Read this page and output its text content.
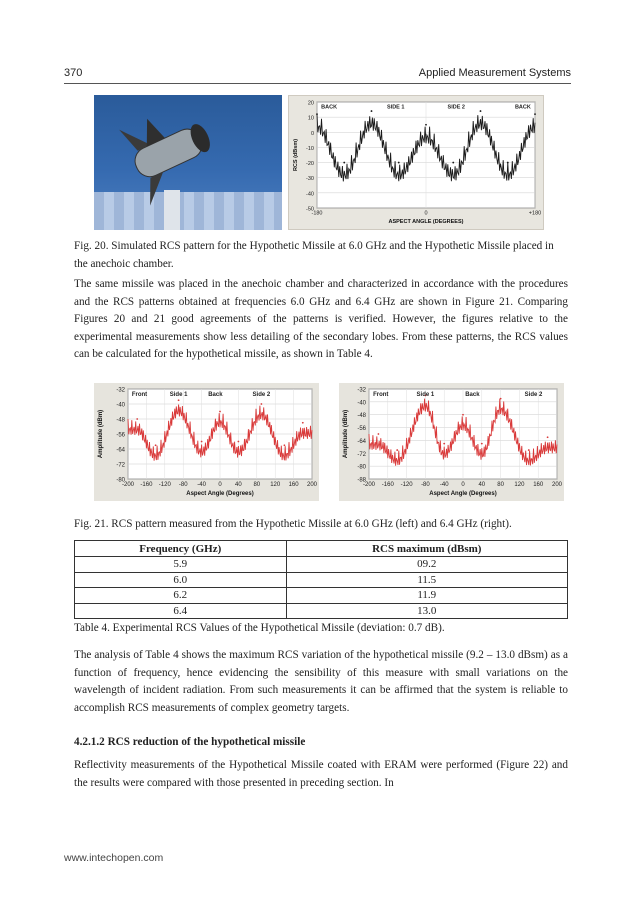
370	Applied Measurement Systems
20
10
0
-10
-20
-30
-40
-50
-180	0	+180
BACK	SIDE 1	SIDE 2	BACK
ASPECT ANGLE (DEGREES)
RCS (dBsm)
Fig. 20. Simulated RCS pattern for the Hypothetic Missile at 6.0 GHz and the Hypothetic Missile placed in the anechoic chamber.

The same missile was placed in the anechoic chamber and characterized in accordance with the procedures and the RCS patterns obtained at frequencies 6.0 GHz and 6.4 GHz are shown in Figure 21. Comparing Figures 20 and 21 good agreements of the patterns is verified. However, the figures relative to the experimental measurements show less detailing of the secondary lobes. From these patterns, the RCS values can be calculated for the hypothetical missile, as shown in Table 4.

-32
-40
-48
-56
-64
-72
-80
-200 -160 -120 -80 -40 0 40 80 120 160 200
Front	Side 1	Back	Side 2
Aspect Angle (Degrees)
Amplitude (dBm)
-32
-40
-48
-56
-64
-72
-80
-88
-200 -160 -120 -80 -40 0 40 80 120 160 200
Front	Side 1	Back	Side 2
Aspect Angle (Degrees)
Amplitude (dBm)
Fig. 21. RCS pattern measured from the Hypothetic Missile at 6.0 GHz (left) and 6.4 GHz (right).
Frequency (GHz)	RCS maximum (dBsm)
5.9	09.2
6.0	11.5
6.2	11.9
6.4	13.0
Table 4. Experimental RCS Values of the Hypothetical Missile (deviation: 0.7 dB).

The analysis of Table 4 shows the maximum RCS variation of the hypothetical missile (9.2 – 13.0 dBsm) as a function of frequency, hence evidencing the sensibility of this measure with small variations on the wavelength of incident radiation. From such measurements it can be affirmed that the system is reliable to accomplish RCS measurements of complex geometry targets.

4.2.1.2 RCS reduction of the hypothetical missile

Reflectivity measurements of the Hypothetical Missile coated with ERAM were performed (Figure 22) and the results were compared with those presented in preceding section. In

www.intechopen.com
